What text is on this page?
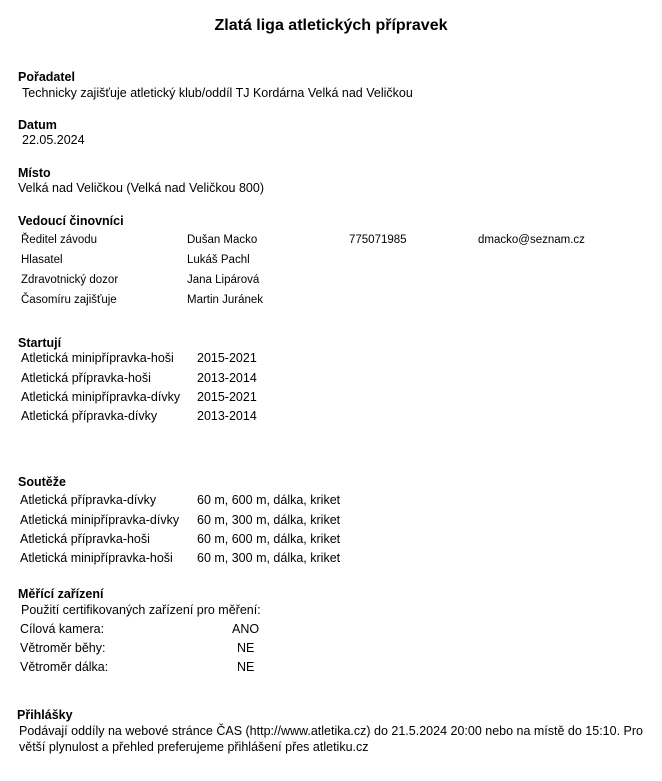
Zlatá liga atletických přípravek
Pořadatel
Technicky zajišťuje atletický klub/oddíl TJ Kordárna Velká nad Veličkou
Datum
22.05.2024
Místo
Velká nad Veličkou (Velká nad Veličkou 800)
Vedoucí činovníci
Ředitel závodu	Dušan Macko	775071985	dmacko@seznam.cz
Hlasatel	Lukáš Pachl
Zdravotnický dozor	Jana Lipárová
Časomíru zajišťuje	Martin Juránek
Startují
Atletická minipřípravka-hoši 2015-2021
Atletická přípravka-hoši	2013-2014
Atletická minipřípravka-dívky 2015-2021
Atletická přípravka-dívky	2013-2014
Soutěže
Atletická přípravka-dívky	60 m, 600 m, dálka, kriket
Atletická minipřípravka-dívky 60 m, 300 m, dálka, kriket
Atletická přípravka-hoši	60 m, 600 m, dálka, kriket
Atletická minipřípravka-hoši 60 m, 300 m, dálka, kriket
Měřící zařízení
Použití certifikovaných zařízení pro měření:
Cílová kamera:	ANO
Větroměr běhy:	NE
Větroměr dálka:	NE
Přihlášky
Podávají oddíly na webové stránce ČAS (http://www.atletika.cz) do 21.5.2024 20:00 nebo na místě do 15:10. Pro větší plynulost a přehled preferujeme přihlášení přes atletiku.cz
